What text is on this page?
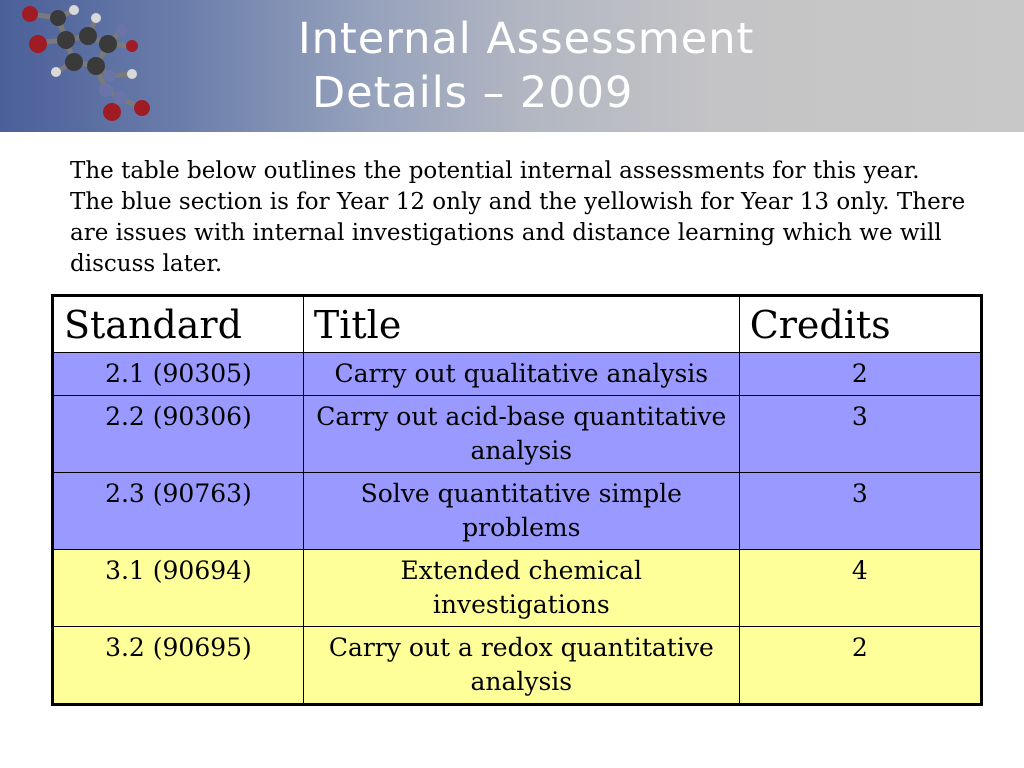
Internal Assessment
Details – 2009

The table below outlines the potential internal assessments for this year. The blue section is for Year 12 only and the yellowish for Year 13 only. There are issues with internal investigations and distance learning which we will discuss later.

Standard	Title	Credits
2.1 (90305)	Carry out qualitative analysis	2
2.2 (90306)	Carry out acid-base quantitative analysis	3
2.3 (90763)	Solve quantitative simple problems	3
3.1 (90694)	Extended chemical investigations	4
3.2 (90695)	Carry out a redox quantitative analysis	2
